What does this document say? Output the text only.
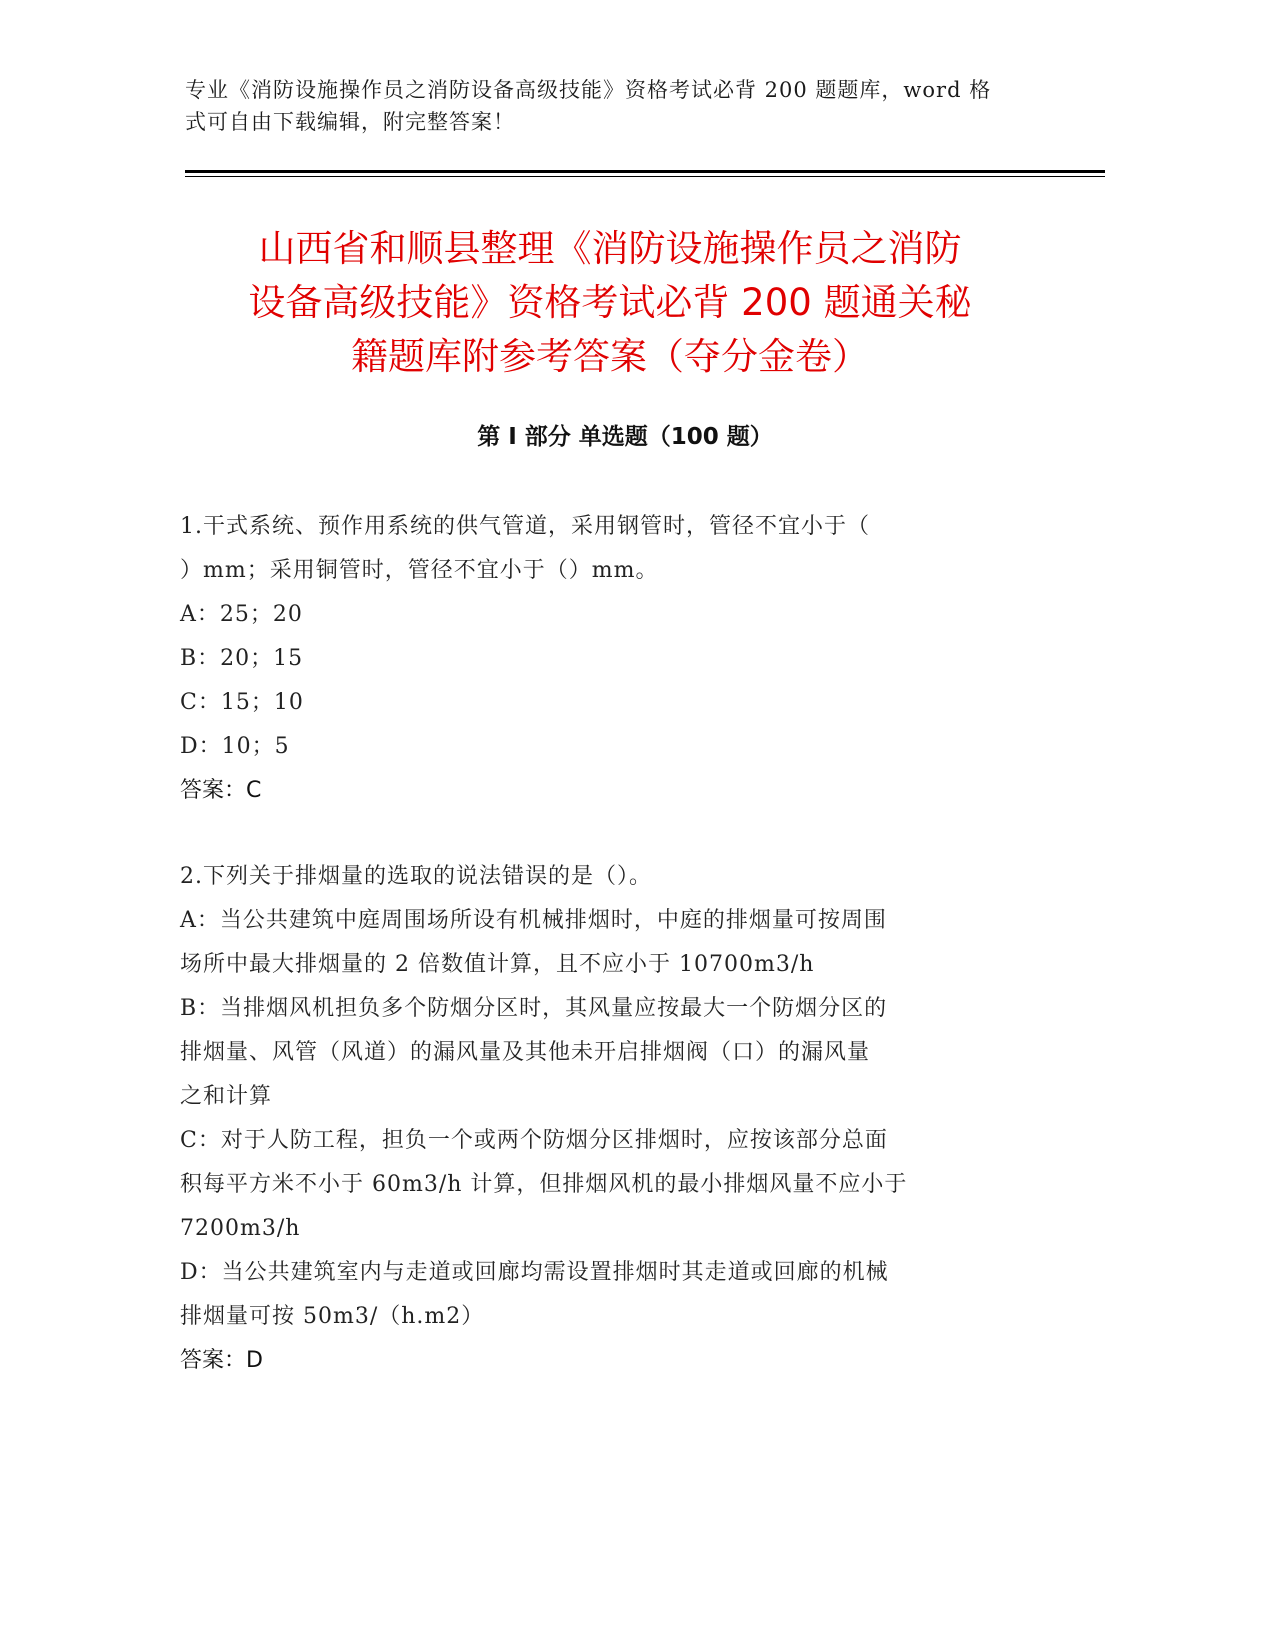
专业《消防设施操作员之消防设备高级技能》资格考试必背 200 题题库，word 格
式可自由下载编辑，附完整答案！
山西省和顺县整理《消防设施操作员之消防
设备高级技能》资格考试必背 200 题通关秘
籍题库附参考答案（夺分金卷）
第 I 部分 单选题（100 题）

1.干式系统、预作用系统的供气管道，采用钢管时，管径不宜小于（

）mm；采用铜管时，管径不宜小于（）mm。

A：25；20

B：20；15

C：15；10

D：10；5

答案：C

2.下列关于排烟量的选取的说法错误的是（）。

A：当公共建筑中庭周围场所设有机械排烟时，中庭的排烟量可按周围

场所中最大排烟量的 2 倍数值计算，且不应小于 10700m3/h

B：当排烟风机担负多个防烟分区时，其风量应按最大一个防烟分区的

排烟量、风管（风道）的漏风量及其他未开启排烟阀（口）的漏风量

之和计算

C：对于人防工程，担负一个或两个防烟分区排烟时，应按该部分总面

积每平方米不小于 60m3/h 计算，但排烟风机的最小排烟风量不应小于

7200m3/h

D：当公共建筑室内与走道或回廊均需设置排烟时其走道或回廊的机械

排烟量可按 50m3/（h.m2）

答案：D
